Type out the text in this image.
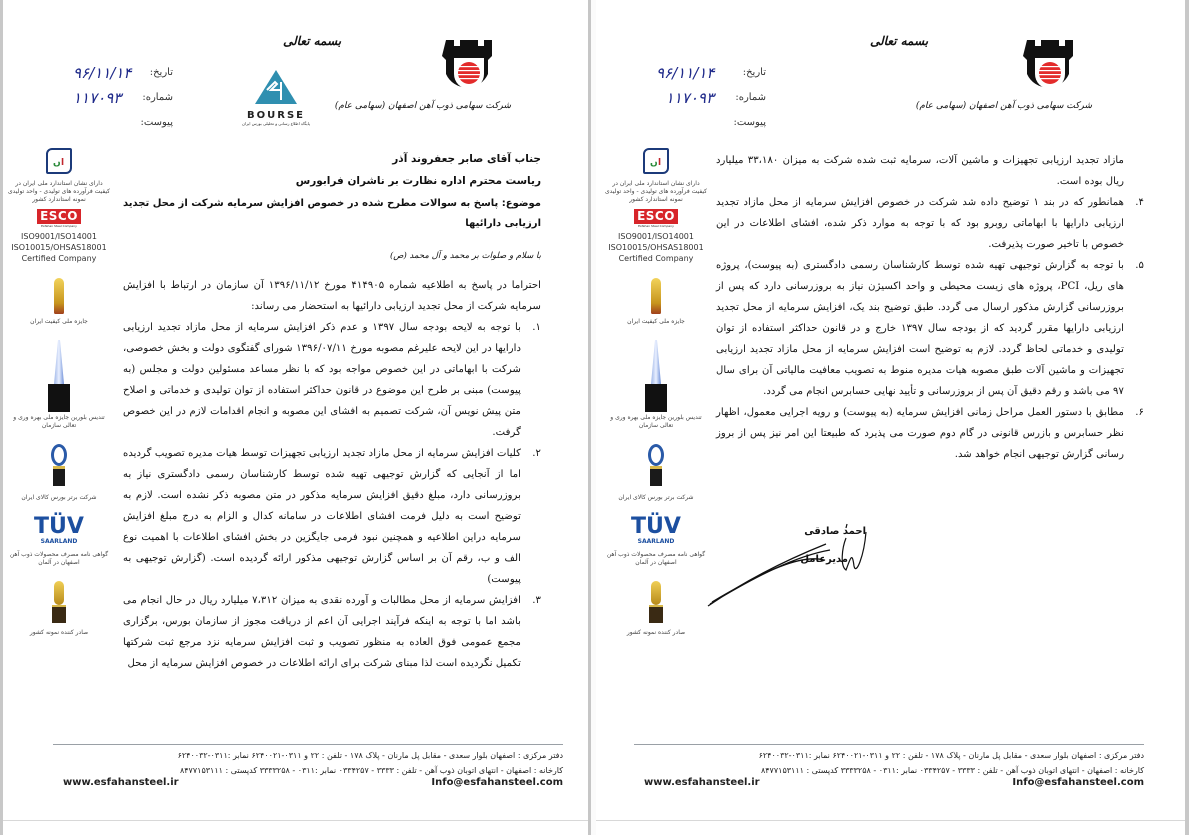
بسمه تعالی
شرکت سهامی ذوب آهن اصفهان (سهامی عام)
BOURSE
پایگاه اطلاع رسانی و تحلیلی بورس ایران
تاریخ:
۹۶/۱۱/۱۴
شماره:
۱۱۷۰۹۳
پیوست:
ں ا
دارای نشان استاندارد ملی ایران در کیفیت فرآورده های تولیدی - واحد تولیدی نمونه استاندارد کشور
ESCO
Esfahan Steel Company
ISO9001/ISO14001
ISO10015/OHSAS18001
Certified Company
جایزه ملی کیفیت ایران
تندیس بلورین جایزه ملی بهره وری و تعالی سازمان
شرکت برتر بورس کالای ایران
TÜV
SAARLAND
گواهی نامه مصرف محصولات ذوب آهن اصفهان در آلمان
صادر کننده نمونه کشور
جناب آقای صابر جعفروند آذر
ریاست محترم اداره نظارت بر ناشران فرابورس
موضوع: پاسخ به سوالات مطرح شده در خصوص افزایش سرمایه شرکت از محل تجدید ارزیابی دارائیها
با سلام و صلوات بر محمد و آل محمد (ص)

احتراما در پاسخ به اطلاعیه شماره ۴۱۴۹۰۵ مورخ ۱۳۹۶/۱۱/۱۲ آن سازمان در ارتباط با افزایش سرمایه شرکت از محل تجدید ارزیابی دارائیها به استحضار می رساند:

۱.
با توجه به لایحه بودجه سال ۱۳۹۷ و عدم ذکر افزایش سرمایه از محل مازاد تجدید ارزیابی دارایها در این لایحه علیرغم مصوبه مورخ ۱۳۹۶/۰۷/۱۱ شورای گفتگوی دولت و بخش خصوصی، شرکت با ابهاماتی در این خصوص مواجه بود که با نظر مساعد مسئولین دولت و مجلس (به پیوست) مبنی بر طرح این موضوع در قانون حداکثر استفاده از توان تولیدی و خدماتی و اصلاح متن پیش نویس آن، شرکت تصمیم به افشای این مصوبه و انجام اقدامات لازم در این خصوص گرفت.
۲.
کلیات افزایش سرمایه از محل مازاد تجدید ارزیابی تجهیزات توسط هیات مدیره تصویب گردیده اما از آنجایی که گزارش توجیهی تهیه شده توسط کارشناسان رسمی دادگستری نیاز به بروزرسانی دارد، مبلغ دقیق افزایش سرمایه مذکور در متن مصوبه ذکر نشده است. لازم به توضیح است به دلیل فرمت افشای اطلاعات در سامانه کدال و الزام به درج مبلغ افزایش سرمایه دراین اطلاعیه و همچنین نبود فرمی جایگزین در بخش افشای اطلاعات با اهمیت نوع الف و ب، رقم آن بر اساس گزارش توجیهی مذکور ارائه گردیده است. (گزارش توجیهی به پیوست)
۳.
افزایش سرمایه از محل مطالبات و آورده نقدی به میزان ۷،۳۱۲ میلیارد ریال در حال انجام می باشد اما با توجه به اینکه فرآیند اجرایی آن اعم از دریافت مجوز از سازمان بورس، برگزاری مجمع عمومی فوق العاده به منظور تصویب و ثبت افزایش سرمایه نزد مرجع ثبت شرکتها تکمیل نگردیده است لذا مبنای شرکت برای ارائه اطلاعات در خصوص افزایش سرمایه از محل
دفتر مرکزی : اصفهان بلوار سعدی - مقابل پل مارنان - پلاک ۱۷۸ - تلفن : ۲۲ و ۰۳۱۱-۶۲۴۰۰۲۱ نمابر :۰۳۱۱-۶۲۴۰۰۳۲
کارخانه : اصفهان - انتهای اتوبان ذوب آهن - تلفن : ۳۳۳۳ - ۰۳۳۴۲۵۷ نمابر :۰۳۱۱ - ۳۳۳۳۲۵۸ کدپستی : ۸۴۷۷۱۵۳۱۱۱
www.esfahansteel.ir	Info@esfahansteel.com
بسمه تعالی
شرکت سهامی ذوب آهن اصفهان (سهامی عام)
تاریخ:
۹۶/۱۱/۱۴
شماره:
۱۱۷۰۹۳
پیوست:
ں ا
دارای نشان استاندارد ملی ایران در کیفیت فرآورده های تولیدی - واحد تولیدی نمونه استاندارد کشور
ESCO
Esfahan Steel Company
ISO9001/ISO14001
ISO10015/OHSAS18001
Certified Company
جایزه ملی کیفیت ایران
تندیس بلورین جایزه ملی بهره وری و تعالی سازمان
شرکت برتر بورس کالای ایران
TÜV
SAARLAND
گواهی نامه مصرف محصولات ذوب آهن اصفهان در آلمان
صادر کننده نمونه کشور

مازاد تجدید ارزیابی تجهیزات و ماشین آلات، سرمایه ثبت شده شرکت به میزان ۳۳،۱۸۰ میلیارد ریال بوده است.

۴.
همانطور که در بند ۱ توضیح داده شد شرکت در خصوص افزایش سرمایه از محل مازاد تجدید ارزیابی دارایها با ابهاماتی روبرو بود که با توجه به موارد ذکر شده، افشای اطلاعات در این خصوص با تاخیر صورت پذیرفت.
۵.
با توجه به گزارش توجیهی تهیه شده توسط کارشناسان رسمی دادگستری (به پیوست)، پروژه های ریل، PCI، پروژه های زیست محیطی و واحد اکسیژن نیاز به بروزرسانی دارد که پس از بروزرسانی گزارش مذکور ارسال می گردد. طبق توضیح بند یک، افزایش سرمایه از محل تجدید ارزیابی دارایها مقرر گردید که از بودجه سال ۱۳۹۷ خارج و در قانون حداکثر استفاده از توان تولیدی و خدماتی لحاظ گردد. لازم به توضیح است افزایش سرمایه از محل مازاد تجدید ارزیابی تجهیزات و ماشین آلات طبق مصوبه هیات مدیره منوط به تصویب معافیت مالیاتی آن برای سال ۹۷ می باشد و رقم دقیق آن پس از بروزرسانی و تأیید نهایی حسابرس انجام می گردد.
۶.
مطابق با دستور العمل مراحل زمانی افزایش سرمایه (به پیوست) و رویه اجرایی معمول، اظهار نظر حسابرس و بازرس قانونی در گام دوم صورت می پذیرد که طبیعتا این امر نیز پس از بروز رسانی گزارش توجیهی انجام خواهد شد.
احمد صادقی
مدیرعامل
دفتر مرکزی : اصفهان بلوار سعدی - مقابل پل مارنان - پلاک ۱۷۸ - تلفن : ۲۲ و ۰۳۱۱-۶۲۴۰۰۲۱ نمابر :۰۳۱۱-۶۲۴۰۰۳۲
کارخانه : اصفهان - انتهای اتوبان ذوب آهن - تلفن : ۳۳۳۳ - ۰۳۳۴۲۵۷ نمابر :۰۳۱۱ - ۳۳۳۳۲۵۸ کدپستی : ۸۴۷۷۱۵۳۱۱۱
www.esfahansteel.ir	Info@esfahansteel.com
